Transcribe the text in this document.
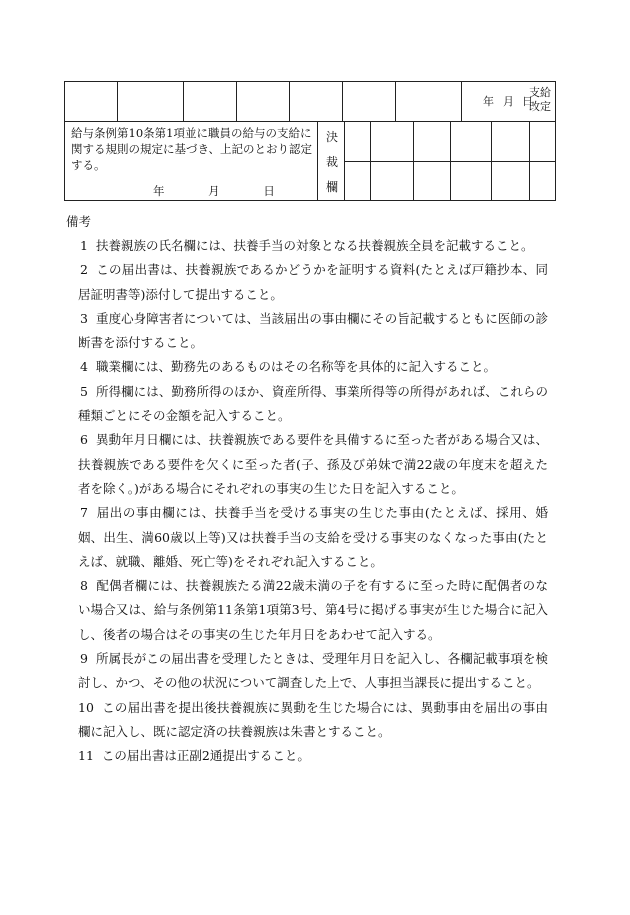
年 月 日
支給
改定
給与条例第10条第1項並に職員の給与の支給に関する規則の規定に基づき、上記のとおり認定する。
年	月	日
決
裁
欄
備考

1 扶養親族の氏名欄には、扶養手当の対象となる扶養親族全員を記載すること。

2 この届出書は、扶養親族であるかどうかを証明する資料(たとえば戸籍抄本、同居証明書等)添付して提出すること。

3 重度心身障害者については、当該届出の事由欄にその旨記載するともに医師の診断書を添付すること。

4 職業欄には、勤務先のあるものはその名称等を具体的に記入すること。

5 所得欄には、勤務所得のほか、資産所得、事業所得等の所得があれば、これらの種類ごとにその金額を記入すること。

6 異動年月日欄には、扶養親族である要件を具備するに至った者がある場合又は、扶養親族である要件を欠くに至った者(子、孫及び弟妹で満22歳の年度末を超えた者を除く。)がある場合にそれぞれの事実の生じた日を記入すること。

7 届出の事由欄には、扶養手当を受ける事実の生じた事由(たとえば、採用、婚姻、出生、満60歳以上等)又は扶養手当の支給を受ける事実のなくなった事由(たとえば、就職、離婚、死亡等)をそれぞれ記入すること。

8 配偶者欄には、扶養親族たる満22歳未満の子を有するに至った時に配偶者のない場合又は、給与条例第11条第1項第3号、第4号に掲げる事実が生じた場合に記入し、後者の場合はその事実の生じた年月日をあわせて記入する。

9 所属長がこの届出書を受理したときは、受理年月日を記入し、各欄記載事項を検討し、かつ、その他の状況について調査した上で、人事担当課長に提出すること。

10 この届出書を提出後扶養親族に異動を生じた場合には、異動事由を届出の事由欄に記入し、既に認定済の扶養親族は朱書とすること。

11 この届出書は正副2通提出すること。
